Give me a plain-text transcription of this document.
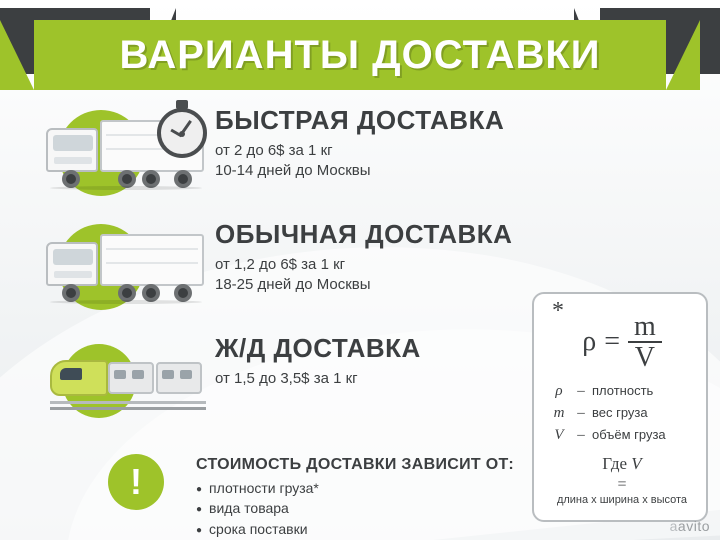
ВАРИАНТЫ ДОСТАВКИ
БЫСТРАЯ ДОСТАВКА
от 2 до 6$ за 1 кг
10-14 дней до Москвы
ОБЫЧНАЯ ДОСТАВКА
от 1,2 до 6$ за 1 кг
18-25 дней до Москвы
Ж/Д ДОСТАВКА
от 1,5 до 3,5$ за 1 кг
*
$\rho = \frac{m}{V}$
ρ – плотность
m – вес груза
V – объём груза
Где V
=
длина х ширина х высота
!	СТОИМОСТЬ ДОСТАВКИ ЗАВИСИТ ОТ:
● плотности груза*
● вида товара
● срока поставки	aavito
